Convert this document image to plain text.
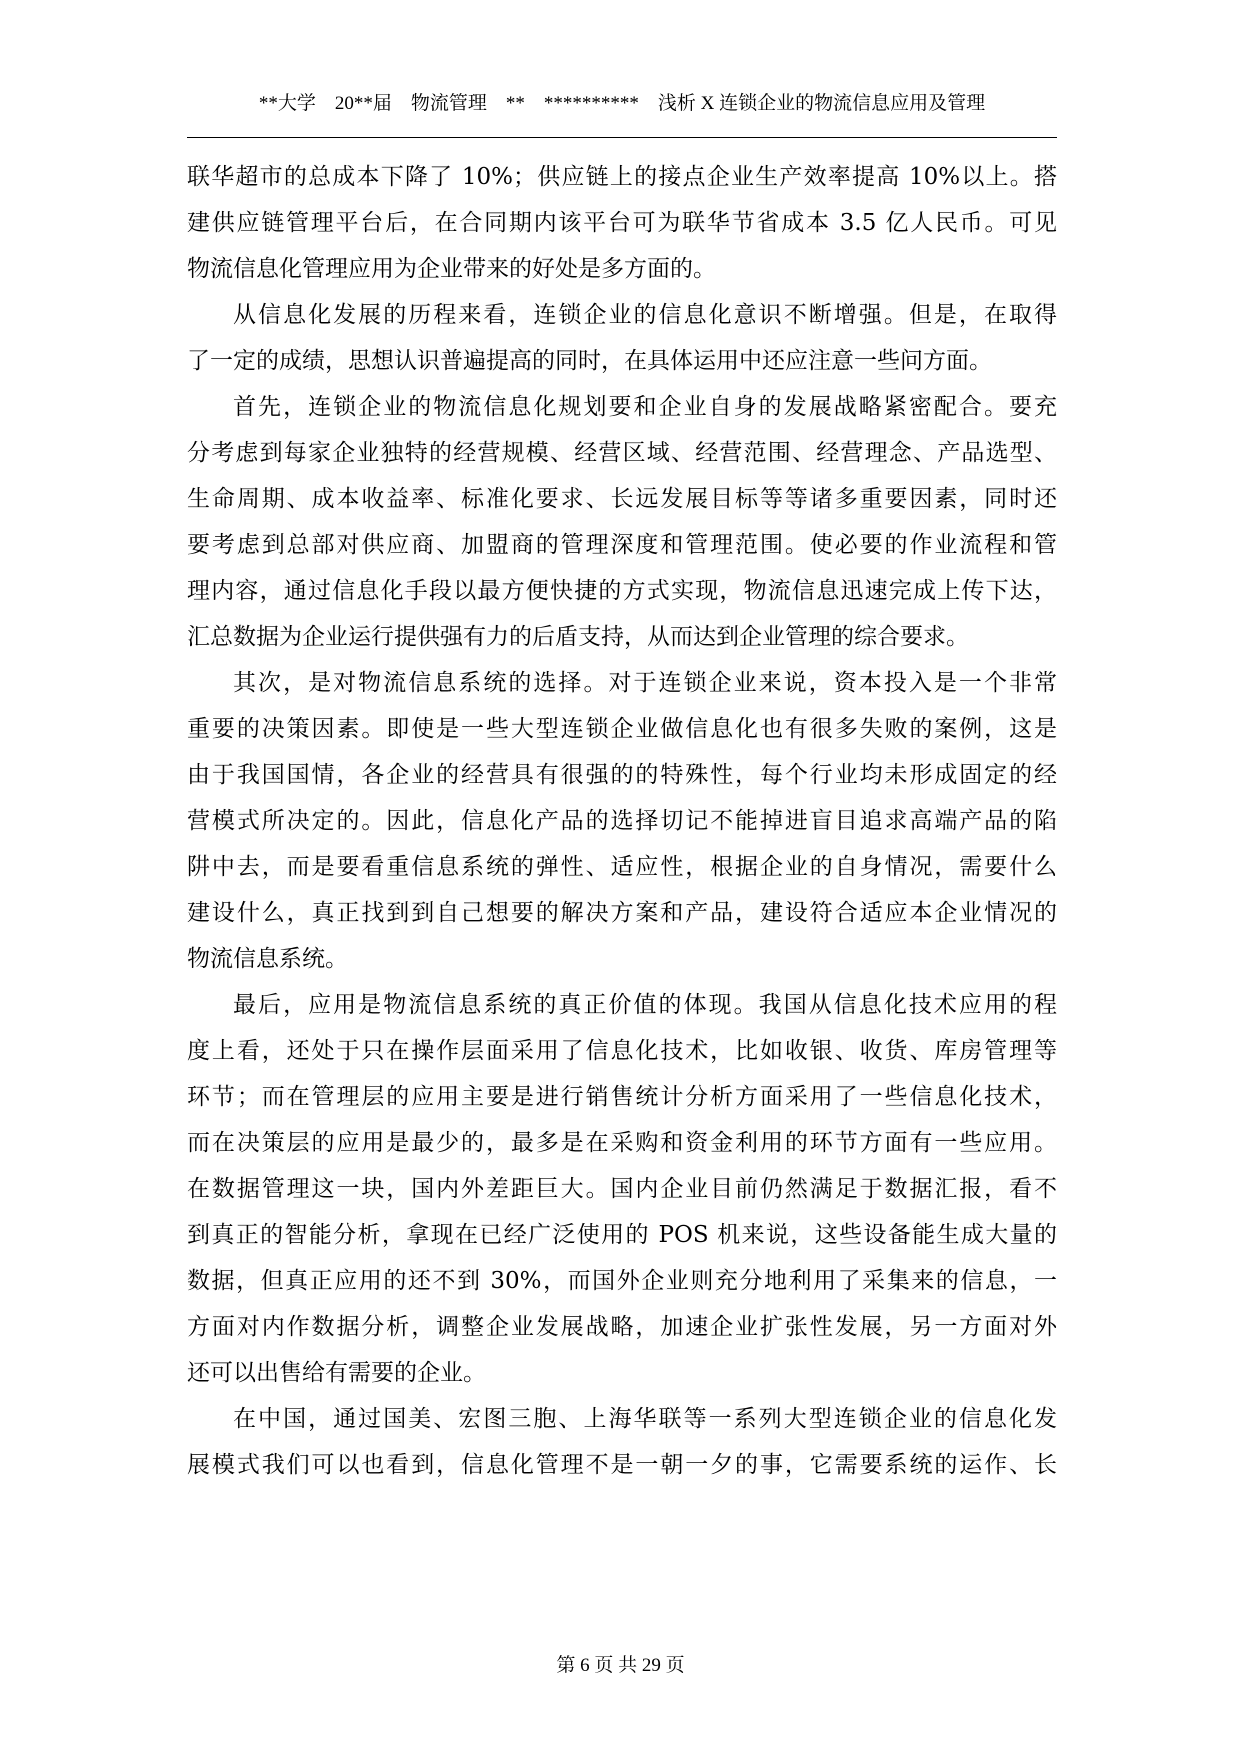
**大学　20**届　物流管理　**　**********　浅析 X 连锁企业的物流信息应用及管理
联华超市的总成本下降了 10%；供应链上的接点企业生产效率提高 10%以上。搭
建供应链管理平台后，在合同期内该平台可为联华节省成本 3.5 亿人民币。可见
物流信息化管理应用为企业带来的好处是多方面的。
从信息化发展的历程来看，连锁企业的信息化意识不断增强。但是，在取得
了一定的成绩，思想认识普遍提高的同时，在具体运用中还应注意一些问方面。
首先，连锁企业的物流信息化规划要和企业自身的发展战略紧密配合。要充
分考虑到每家企业独特的经营规模、经营区域、经营范围、经营理念、产品选型、
生命周期、成本收益率、标准化要求、长远发展目标等等诸多重要因素，同时还
要考虑到总部对供应商、加盟商的管理深度和管理范围。使必要的作业流程和管
理内容，通过信息化手段以最方便快捷的方式实现，物流信息迅速完成上传下达，
汇总数据为企业运行提供强有力的后盾支持，从而达到企业管理的综合要求。
其次，是对物流信息系统的选择。对于连锁企业来说，资本投入是一个非常
重要的决策因素。即使是一些大型连锁企业做信息化也有很多失败的案例，这是
由于我国国情，各企业的经营具有很强的的特殊性，每个行业均未形成固定的经
营模式所决定的。因此，信息化产品的选择切记不能掉进盲目追求高端产品的陷
阱中去，而是要看重信息系统的弹性、适应性，根据企业的自身情况，需要什么
建设什么，真正找到到自己想要的解决方案和产品，建设符合适应本企业情况的
物流信息系统。
最后，应用是物流信息系统的真正价值的体现。我国从信息化技术应用的程
度上看，还处于只在操作层面采用了信息化技术，比如收银、收货、库房管理等
环节；而在管理层的应用主要是进行销售统计分析方面采用了一些信息化技术，
而在决策层的应用是最少的，最多是在采购和资金利用的环节方面有一些应用。
在数据管理这一块，国内外差距巨大。国内企业目前仍然满足于数据汇报，看不
到真正的智能分析，拿现在已经广泛使用的 POS 机来说，这些设备能生成大量的
数据，但真正应用的还不到 30%，而国外企业则充分地利用了采集来的信息，一
方面对内作数据分析，调整企业发展战略，加速企业扩张性发展，另一方面对外
还可以出售给有需要的企业。
在中国，通过国美、宏图三胞、上海华联等一系列大型连锁企业的信息化发
展模式我们可以也看到，信息化管理不是一朝一夕的事，它需要系统的运作、长
第 6 页 共 29 页
